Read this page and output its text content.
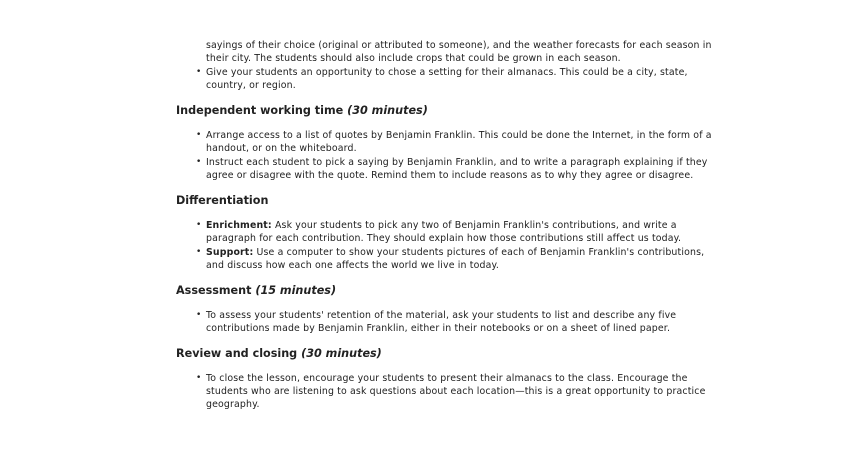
sayings of their choice (original or attributed to someone), and the weather forecasts for each season in
their city. The students should also include crops that could be grown in each season.
• Give your students an opportunity to chose a setting for their almanacs. This could be a city, state,
country, or region.
Independent working time (30 minutes)
• Arrange access to a list of quotes by Benjamin Franklin. This could be done the Internet, in the form of a
handout, or on the whiteboard.
• Instruct each student to pick a saying by Benjamin Franklin, and to write a paragraph explaining if they
agree or disagree with the quote. Remind them to include reasons as to why they agree or disagree.
Differentiation
• Enrichment: Ask your students to pick any two of Benjamin Franklin's contributions, and write a
paragraph for each contribution. They should explain how those contributions still affect us today.
• Support: Use a computer to show your students pictures of each of Benjamin Franklin's contributions,
and discuss how each one affects the world we live in today.
Assessment (15 minutes)
• To assess your students' retention of the material, ask your students to list and describe any five
contributions made by Benjamin Franklin, either in their notebooks or on a sheet of lined paper.
Review and closing (30 minutes)
• To close the lesson, encourage your students to present their almanacs to the class. Encourage the
students who are listening to ask questions about each location—this is a great opportunity to practice
geography.
